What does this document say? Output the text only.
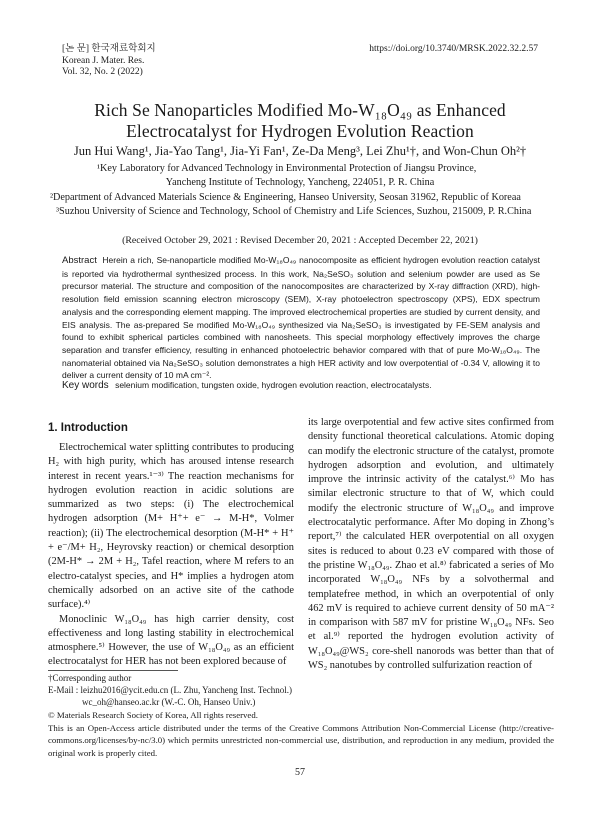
[논 문] 한국재료학회지
Korean J. Mater. Res.
Vol. 32, No. 2 (2022)
https://doi.org/10.3740/MRSK.2022.32.2.57
Rich Se Nanoparticles Modified Mo-W₁₈O₄₉ as Enhanced
Electrocatalyst for Hydrogen Evolution Reaction
Jun Hui Wang¹, Jia-Yao Tang¹, Jia-Yi Fan¹, Ze-Da Meng³, Lei Zhu¹†, and Won-Chun Oh²†
¹Key Laboratory for Advanced Technology in Environmental Protection of Jiangsu Province,
Yancheng Institute of Technology, Yancheng, 224051, P. R. China
²Department of Advanced Materials Science & Engineering, Hanseo University, Seosan 31962, Republic of Koreaa
³Suzhou University of Science and Technology, School of Chemistry and Life Sciences, Suzhou, 215009, P. R.China
(Received October 29, 2021 : Revised December 20, 2021 : Accepted December 22, 2021)
Abstract Herein a rich, Se-nanoparticle modified Mo-W₁₈O₄₉ nanocomposite as efficient hydrogen evolution reaction catalyst is reported via hydrothermal synthesized process. In this work, Na₂SeSO₃ solution and selenium powder are used as Se precursor material. The structure and composition of the nanocomposites are characterized by X-ray diffraction (XRD), high-resolution field emission scanning electron microscopy (SEM), X-ray photoelectron spectroscopy (XPS), EDX spectrum analysis and the corresponding element mapping. The improved electrochemical properties are studied by current density, and EIS analysis. The as-prepared Se modified Mo-W₁₈O₄₉ synthesized via Na₂SeSO₃ is investigated by FE-SEM analysis and found to exhibit spherical particles combined with nanosheets. This special morphology effectively improves the charge separation and transfer efficiency, resulting in enhanced photoelectric behavior compared with that of pure Mo-W₁₈O₄₉. The nanomaterial obtained via Na₂SeSO₃ solution demonstrates a high HER activity and low overpotential of -0.34 V, allowing it to deliver a current density of 10 mA cm⁻².
Key words selenium modification, tungsten oxide, hydrogen evolution reaction, electrocatalysts.
1. Introduction

Electrochemical water splitting contributes to producing H₂ with high purity, which has aroused intense research interest in recent years.¹⁻³⁾ The reaction mechanisms for hydrogen evolution reaction in acidic solutions are summarized as two steps: (i) The electrochemical hydrogen adsorption (M+ H⁺+ e⁻ → M-H*, Volmer reaction); (ii) The electrochemical desorption (M-H* + H⁺ + e⁻/M+ H₂, Heyrovsky reaction) or chemical desorption (2M-H* → 2M + H₂, Tafel reaction, where M refers to an electro-catalyst species, and H* implies a hydrogen atom chemically adsorbed on an active site of the cathode surface).⁴⁾

Monoclinic W₁₈O₄₉ has high carrier density, cost effectiveness and long lasting stability in electrochemical atmosphere.⁵⁾ However, the use of W₁₈O₄₉ as an efficient electrocatalyst for HER has not been explored because of

its large overpotential and few active sites confirmed from density functional theoretical calculations. Atomic doping can modify the electronic structure of the catalyst, promote hydrogen adsorption and evolution, and ultimately improve the intrinsic activity of the catalyst.⁶⁾ Mo has similar electronic structure to that of W, which could modify the electronic structure of W₁₈O₄₉ and improve electrocatalytic performance. After Mo doping in Zhong’s report,⁷⁾ the calculated HER overpotential on all oxygen sites is reduced to about 0.23 eV compared with those of the pristine W₁₈O₄₉. Zhao et al.⁸⁾ fabricated a series of Mo incorporated W₁₈O₄₉ NFs by a solvothermal and templatefree method, in which an overpotential of only 462 mV is required to achieve current density of 50 mA⁻² in comparison with 587 mV for pristine W₁₈O₄₉ NFs. Seo et al.⁹⁾ reported the hydrogen evolution activity of W₁₈O₄₉@WS₂ core-shell nanorods was better than that of WS₂ nanotubes by controlled sulfurization reaction of

†Corresponding author
E-Mail : leizhu2016@ycit.edu.cn (L. Zhu, Yancheng Inst. Technol.)
wc_oh@hanseo.ac.kr (W.-C. Oh, Hanseo Univ.)
© Materials Research Society of Korea, All rights reserved.
This is an Open-Access article distributed under the terms of the Creative Commons Attribution Non-Commercial License (http://creative-commons.org/licenses/by-nc/3.0) which permits unrestricted non-commercial use, distribution, and reproduction in any medium, provided the original work is properly cited.
57
